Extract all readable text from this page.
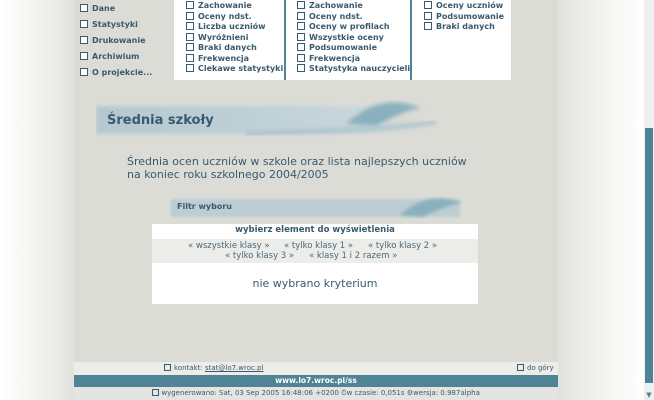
Dane
Statystyki
Drukowanie
Archiwium
O projekcie...
Zachowanie
Oceny ndst.
Liczba uczniów
Wyróżnieni
Braki danych
Frekwencja
Ciekawe statystyki
Zachowanie
Oceny ndst.
Oceny w profilach
Wszystkie oceny
Podsumowanie
Frekwencja
Statystyka nauczycieli
Oceny uczniów
Podsumowanie
Braki danych
Średnia szkoły
Średnia ocen uczniów w szkole oraz lista najlepszych uczniów
na koniec roku szkolnego 2004/2005
Filtr wyboru
wybierz element do wyświetlenia
« wszystkie klasy » « tylko klasy 1 » « tylko klasy 2 »
« tylko klasy 3 » « klasy 1 i 2 razem »
nie wybrano kryterium
kontakt: stat@lo7.wroc.pl	do góry
www.lo7.wroc.pl/ss
wygenerowano: Sat, 03 Sep 2005 16:48:06 +0200 ⏱w czasie: 0,051s ⚙wersja: 0.987alpha	▼
